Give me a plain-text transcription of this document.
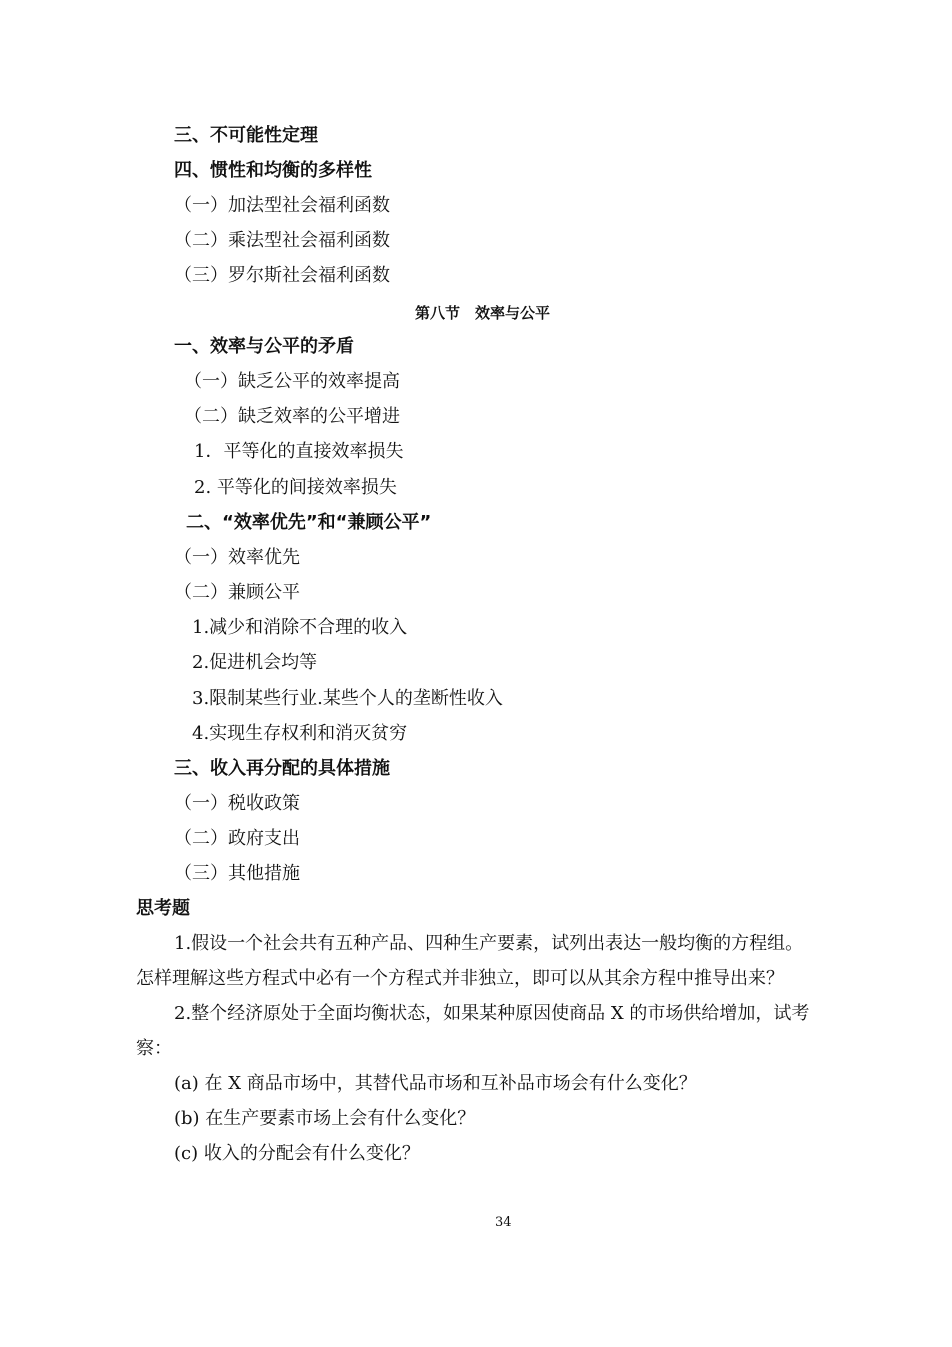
三、不可能性定理
四、惯性和均衡的多样性
（一）加法型社会福利函数
（二）乘法型社会福利函数
（三）罗尔斯社会福利函数
第八节　效率与公平
一、效率与公平的矛盾
（一）缺乏公平的效率提高
（二）缺乏效率的公平增进
1．平等化的直接效率损失
2. 平等化的间接效率损失
二、“效率优先”和“兼顾公平”
（一）效率优先
（二）兼顾公平
1.减少和消除不合理的收入
2.促进机会均等
3.限制某些行业.某些个人的垄断性收入
4.实现生存权利和消灭贫穷
三、收入再分配的具体措施
（一）税收政策
（二）政府支出
（三）其他措施
思考题
1.假设一个社会共有五种产品、四种生产要素，试列出表达一般均衡的方程组。
怎样理解这些方程式中必有一个方程式并非独立，即可以从其余方程中推导出来？
2.整个经济原处于全面均衡状态，如果某种原因使商品 X 的市场供给增加，试考
察：
(a) 在 X 商品市场中，其替代品市场和互补品市场会有什么变化？
(b) 在生产要素市场上会有什么变化？
(c) 收入的分配会有什么变化？
34
